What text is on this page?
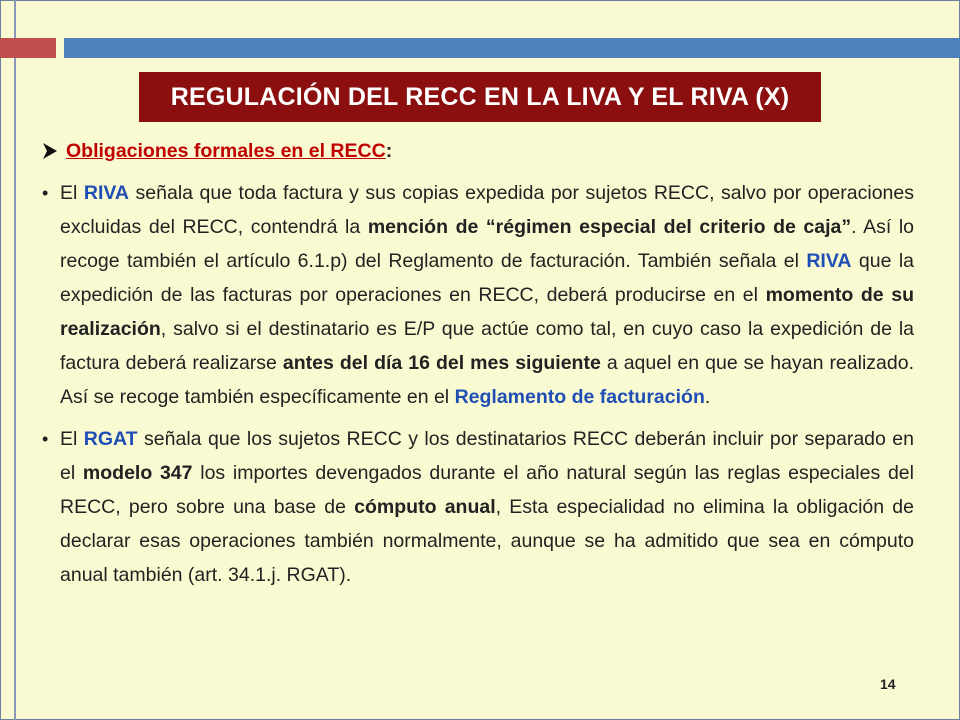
REGULACIÓN DEL RECC EN LA LIVA Y EL RIVA (X)
Obligaciones formales en el RECC :
• El RIVA señala que toda factura y sus copias expedida por sujetos RECC, salvo por operaciones excluidas del RECC, contendrá la mención de “régimen especial del criterio de caja”. Así lo recoge también el artículo 6.1.p) del Reglamento de facturación. También señala el RIVA que la expedición de las facturas por operaciones en RECC, deberá producirse en el momento de su realización, salvo si el destinatario es E/P que actúe como tal, en cuyo caso la expedición de la factura deberá realizarse antes del día 16 del mes siguiente a aquel en que se hayan realizado. Así se recoge también específicamente en el Reglamento de facturación.
• El RGAT señala que los sujetos RECC y los destinatarios RECC deberán incluir por separado en el modelo 347 los importes devengados durante el año natural según las reglas especiales del RECC, pero sobre una base de cómputo anual, Esta especialidad no elimina la obligación de declarar esas operaciones también normalmente, aunque se ha admitido que sea en cómputo anual también (art. 34.1.j. RGAT).
14
